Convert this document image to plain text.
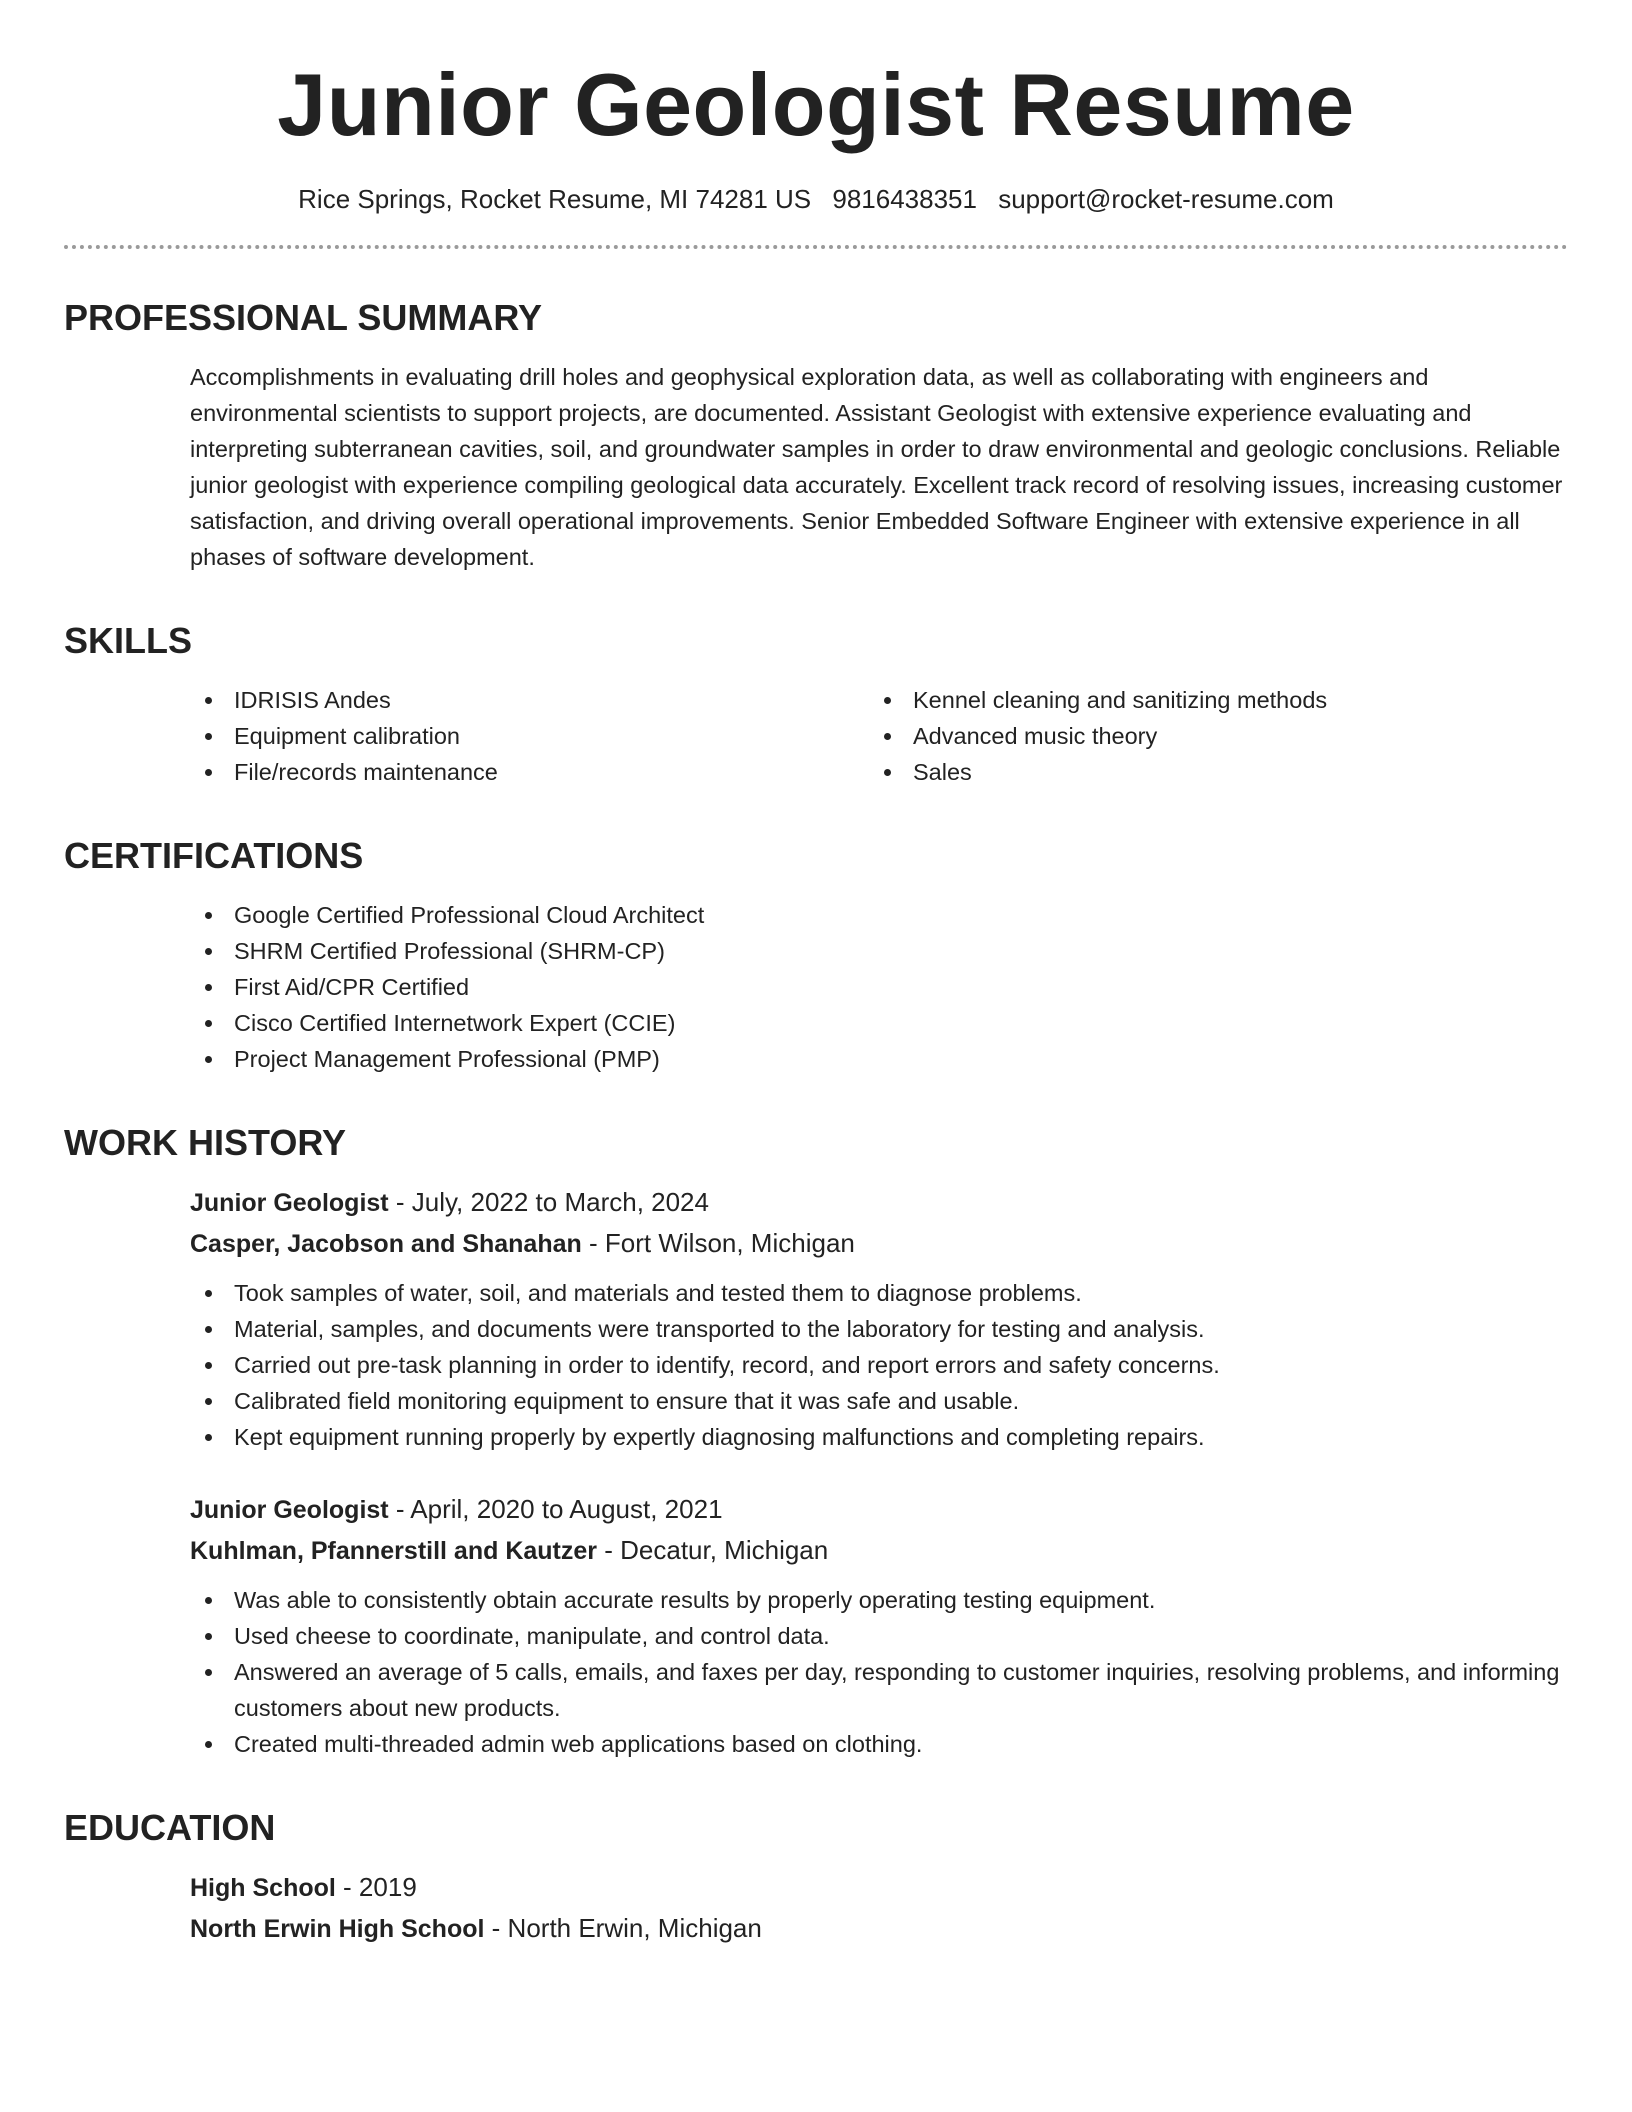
Junior Geologist Resume
Rice Springs, Rocket Resume, MI 74281 US 9816438351 support@rocket-resume.com
PROFESSIONAL SUMMARY

Accomplishments in evaluating drill holes and geophysical exploration data, as well as collaborating with engineers and environmental scientists to support projects, are documented. Assistant Geologist with extensive experience evaluating and interpreting subterranean cavities, soil, and groundwater samples in order to draw environmental and geologic conclusions. Reliable junior geologist with experience compiling geological data accurately. Excellent track record of resolving issues, increasing customer satisfaction, and driving overall operational improvements. Senior Embedded Software Engineer with extensive experience in all phases of software development.

SKILLS
IDRISIS Andes
Equipment calibration
File/records maintenance
Kennel cleaning and sanitizing methods
Advanced music theory
Sales
CERTIFICATIONS
Google Certified Professional Cloud Architect
SHRM Certified Professional (SHRM-CP)
First Aid/CPR Certified
Cisco Certified Internetwork Expert (CCIE)
Project Management Professional (PMP)
WORK HISTORY
Junior Geologist - July, 2022 to March, 2024
Casper, Jacobson and Shanahan - Fort Wilson, Michigan
Took samples of water, soil, and materials and tested them to diagnose problems.
Material, samples, and documents were transported to the laboratory for testing and analysis.
Carried out pre-task planning in order to identify, record, and report errors and safety concerns.
Calibrated field monitoring equipment to ensure that it was safe and usable.
Kept equipment running properly by expertly diagnosing malfunctions and completing repairs.
Junior Geologist - April, 2020 to August, 2021
Kuhlman, Pfannerstill and Kautzer - Decatur, Michigan
Was able to consistently obtain accurate results by properly operating testing equipment.
Used cheese to coordinate, manipulate, and control data.
Answered an average of 5 calls, emails, and faxes per day, responding to customer inquiries, resolving problems, and informing customers about new products.
Created multi-threaded admin web applications based on clothing.
EDUCATION
High School - 2019
North Erwin High School - North Erwin, Michigan
